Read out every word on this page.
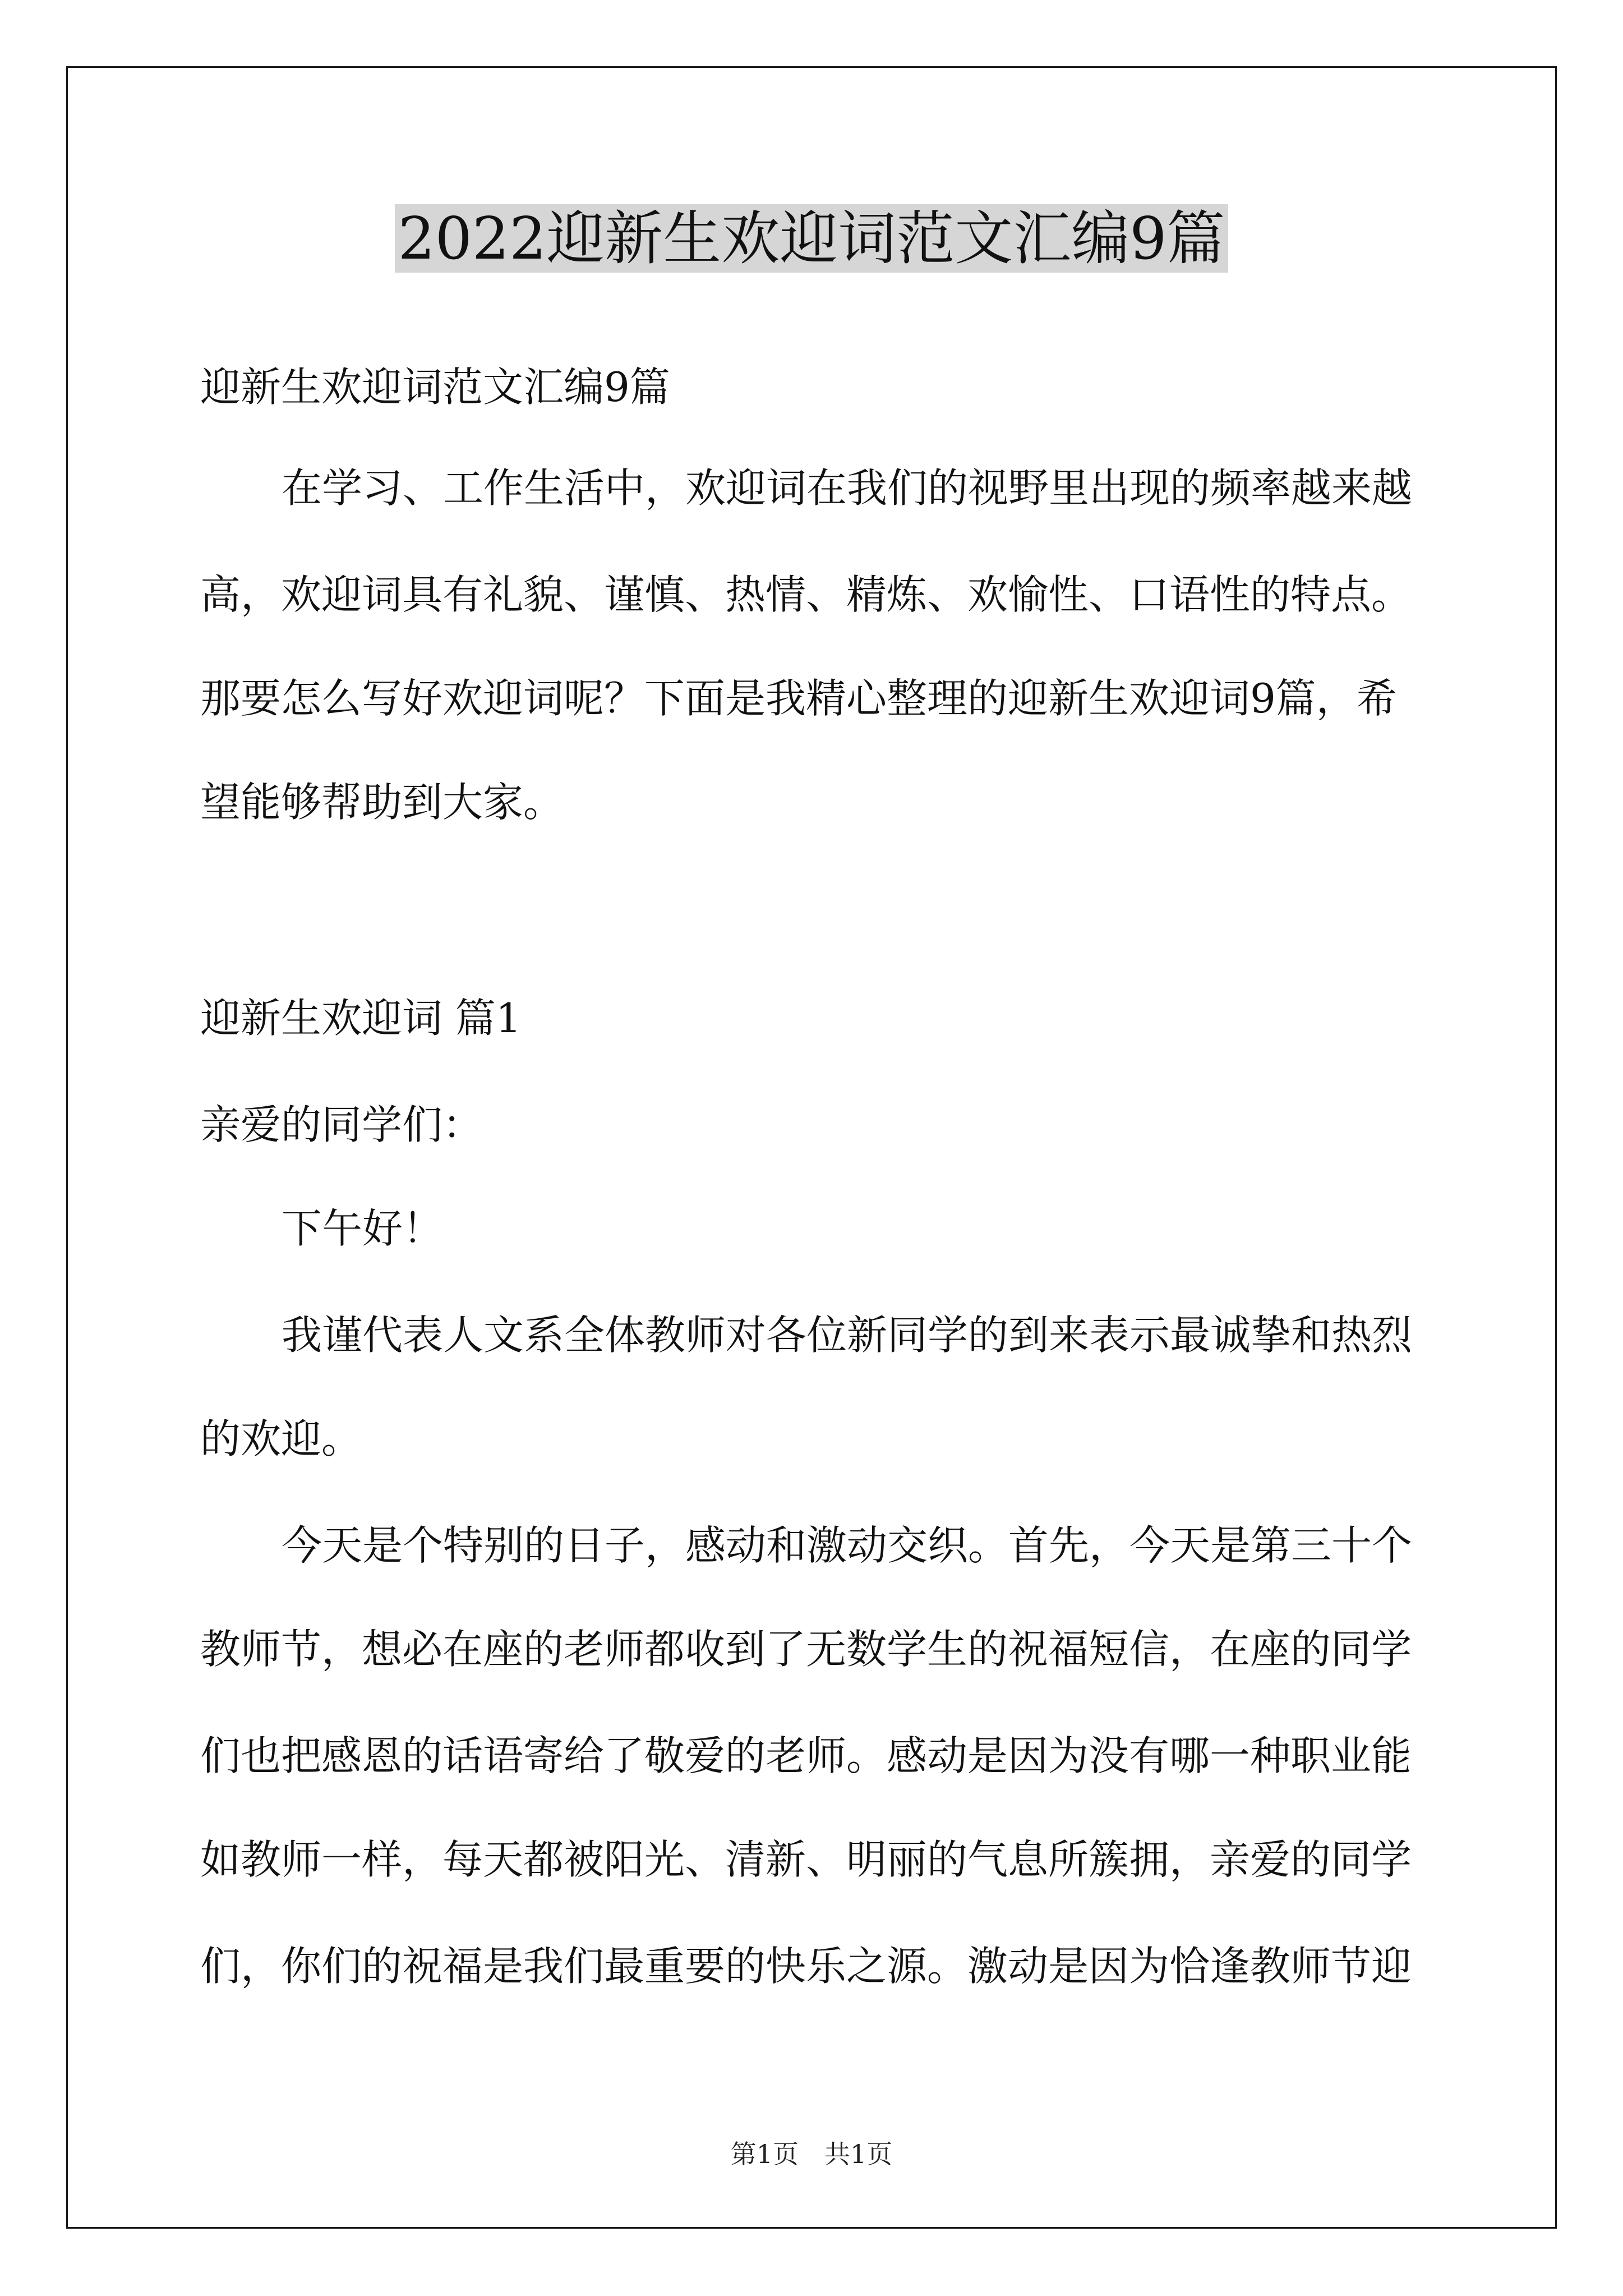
2022迎新生欢迎词范文汇编9篇

迎新生欢迎词范文汇编9篇

在学习、工作生活中，欢迎词在我们的视野里出现的频率越来越

高，欢迎词具有礼貌、谨慎、热情、精炼、欢愉性、口语性的特点。

那要怎么写好欢迎词呢？下面是我精心整理的迎新生欢迎词9篇，希

望能够帮助到大家。

迎新生欢迎词 篇1

亲爱的同学们：

下午好！

我谨代表人文系全体教师对各位新同学的到来表示最诚挚和热烈

的欢迎。

今天是个特别的日子，感动和激动交织。首先，今天是第三十个

教师节，想必在座的老师都收到了无数学生的祝福短信，在座的同学

们也把感恩的话语寄给了敬爱的老师。感动是因为没有哪一种职业能

如教师一样，每天都被阳光、清新、明丽的气息所簇拥，亲爱的同学

们，你们的祝福是我们最重要的快乐之源。激动是因为恰逢教师节迎

第1页　共1页
